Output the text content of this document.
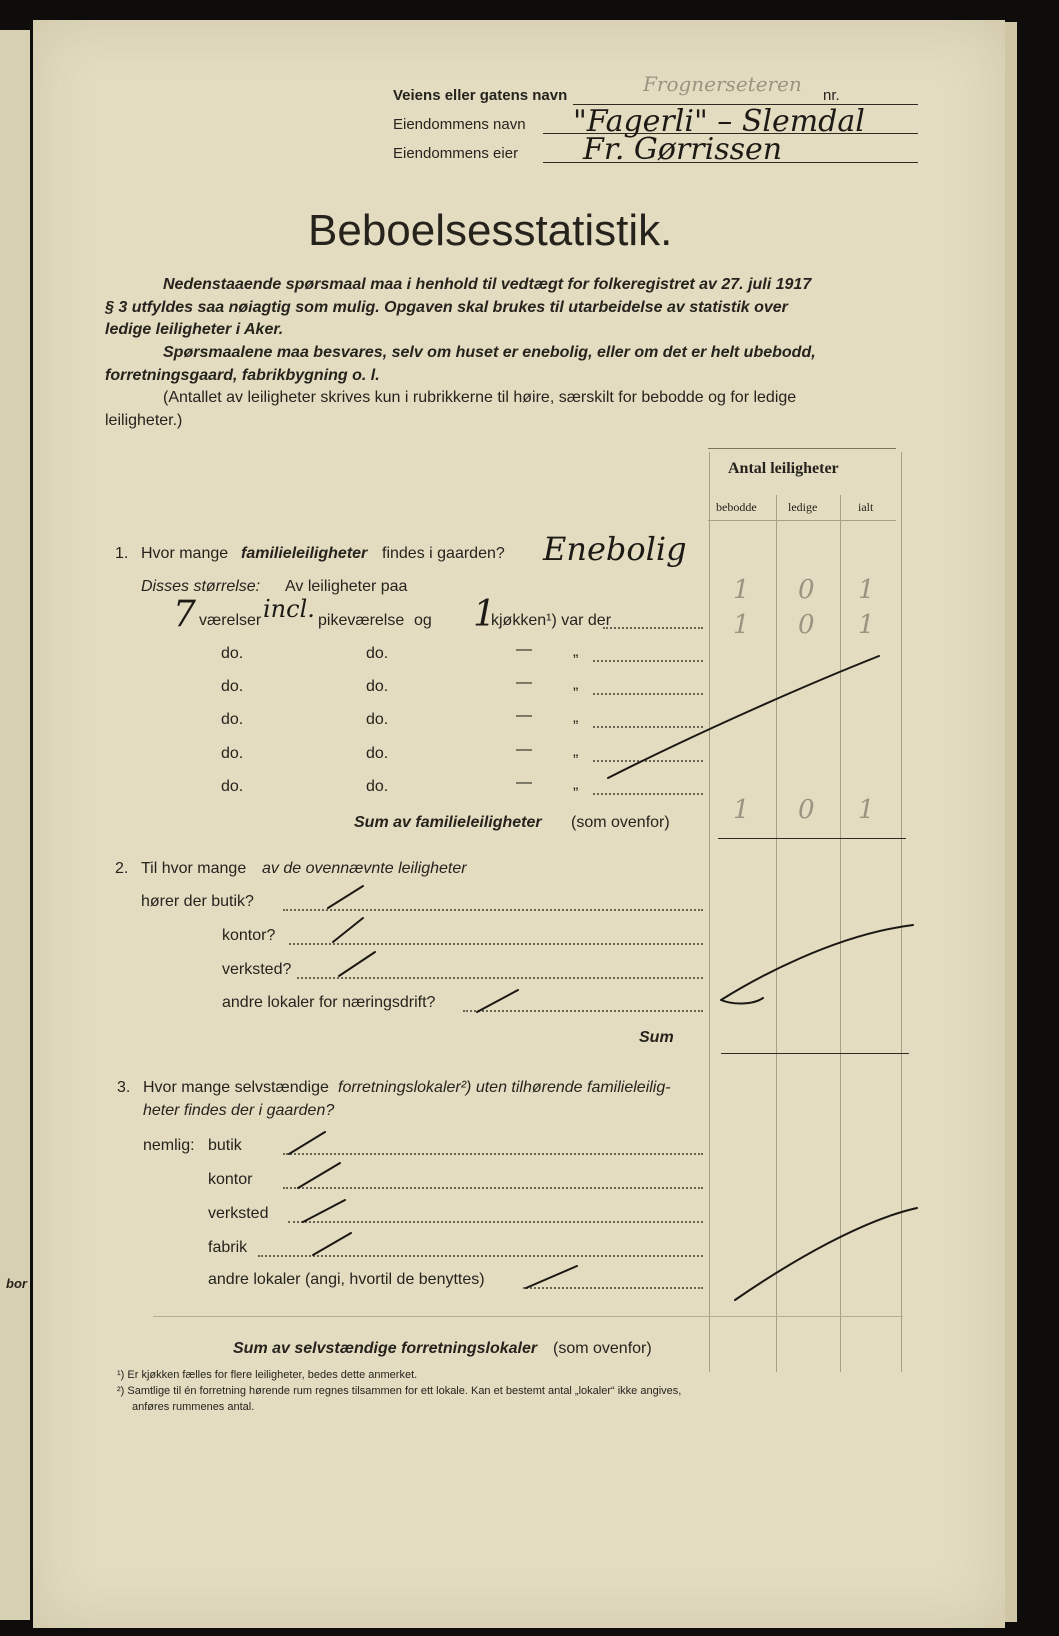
bor
Veiens eller gatens navn	nr.
Frognerseteren
Eiendommens navn "Fagerli" – Slemdal
Eiendommens eier Fr. Gørrissen
Beboelsesstatistik.
Nedenstaaende spørsmaal maa i henhold til vedtægt for folkeregistret av 27. juli 1917
§ 3 utfyldes saa nøiagtig som mulig. Opgaven skal brukes til utarbeidelse av statistik over
ledige leiligheter i Aker.
Spørsmaalene maa besvares, selv om huset er enebolig, eller om det er helt ubebodd,
forretningsgaard, fabrikbygning o. l.
(Antallet av leiligheter skrives kun i rubrikkerne til høire, særskilt for bebodde og for ledige
leiligheter.)
Antal leiligheter
bebodde	ledige	ialt
1. Hvor mange familieleiligheter findes i gaarden? Enebolig
Disses størrelse: Av leiligheter paa
7 værelser incl. pikeværelse og 1
kjøkken¹) var der
1 0 1
1 0 1
do.	do.	—	„
do.	do.	—	„
do.	do.	—	„
do.	do.	—	„
do.	do.	—	„
Sum av familieleiligheter (som ovenfor) 1 0 1
2. Til hvor mange av de ovennævnte leiligheter
hører der butik?
kontor?
verksted?
andre lokaler for næringsdrift?
Sum
3. Hvor mange selvstændige forretningslokaler²) uten tilhørende familieleilig-
heter findes der i gaarden?
nemlig: butik
kontor
verksted
fabrik
andre lokaler (angi, hvortil de benyttes)
Sum av selvstændige forretningslokaler (som ovenfor)
¹) Er kjøkken fælles for flere leiligheter, bedes dette anmerket.
²) Samtlige til én forretning hørende rum regnes tilsammen for ett lokale. Kan et bestemt antal „lokaler“ ikke angives,
anføres rummenes antal.
